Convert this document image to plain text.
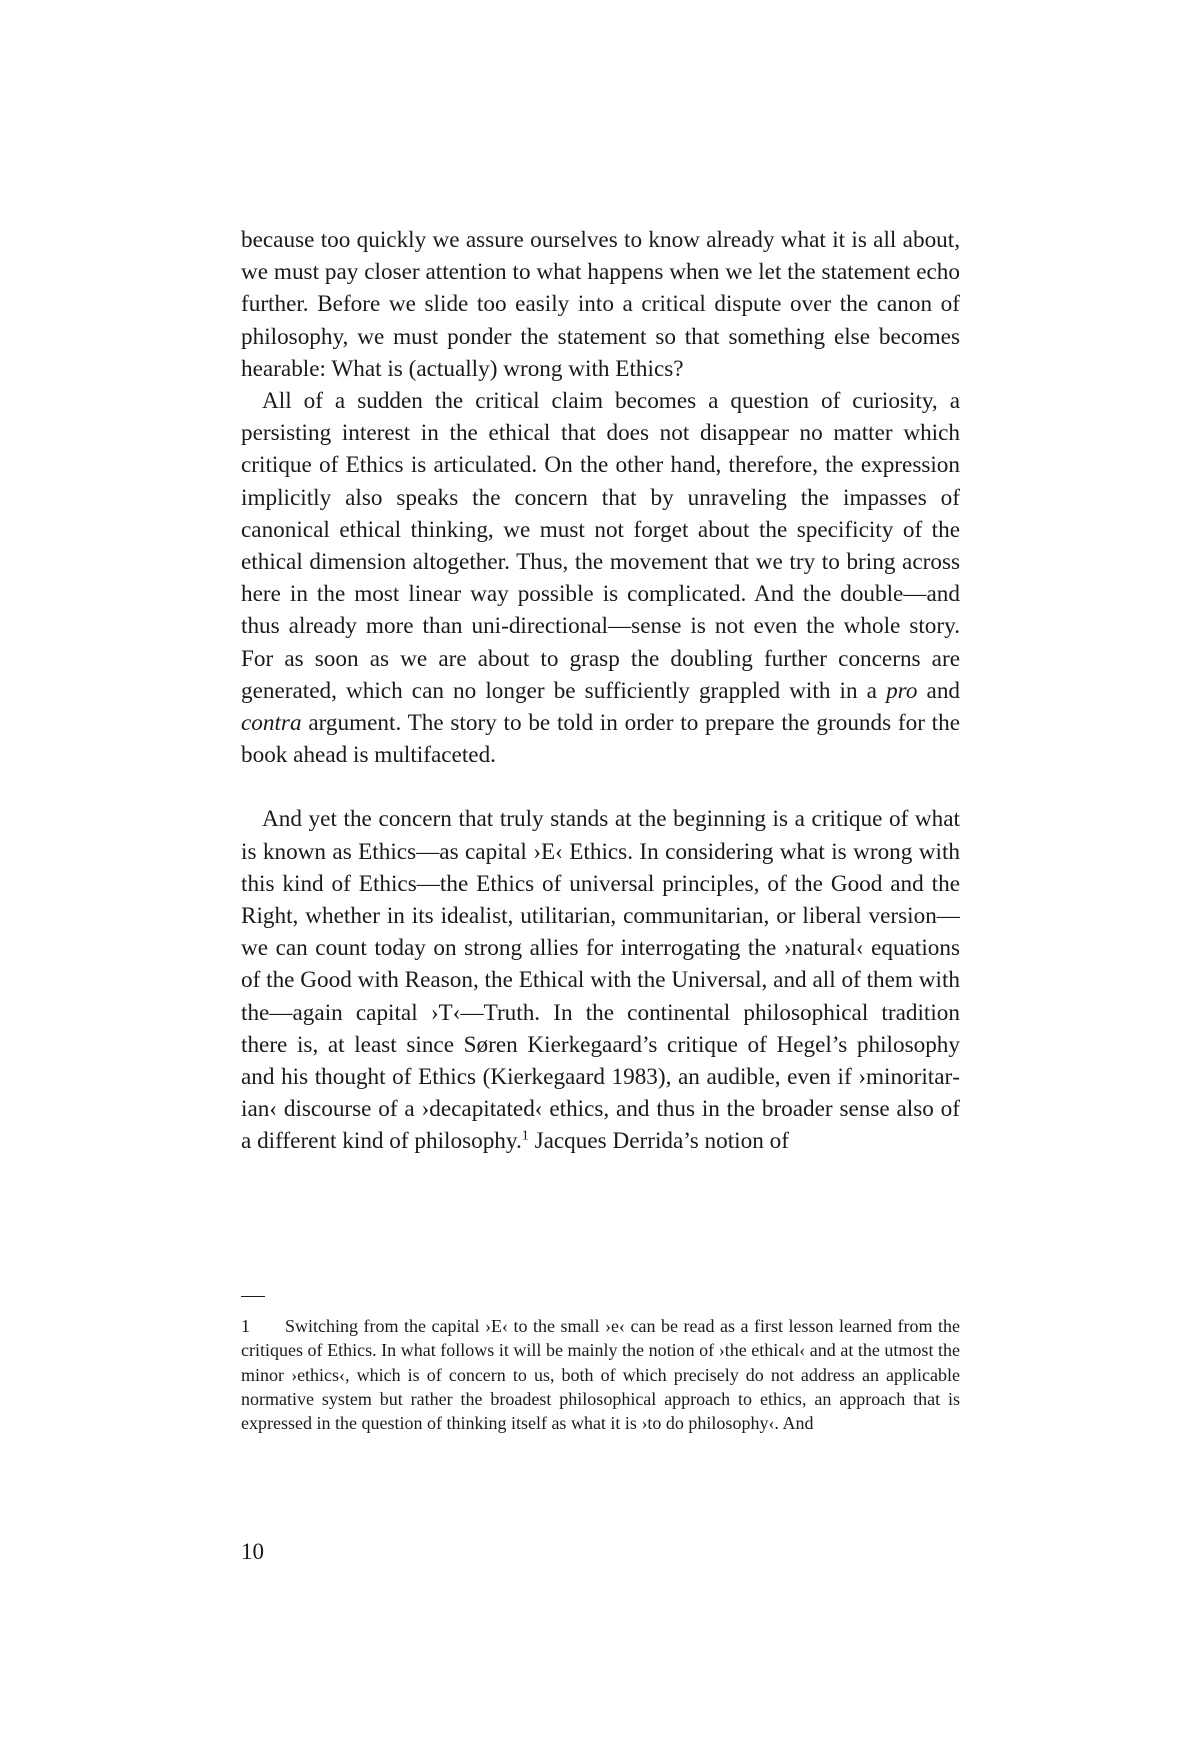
because too quickly we assure ourselves to know already what it is all about, we must pay closer attention to what happens when we let the statement echo further. Before we slide too easily into a critical dispute over the canon of philosophy, we must ponder the statement so that something else becomes hearable: What is (actually) wrong with Ethics?

All of a sudden the critical claim becomes a question of curiosity, a persisting interest in the ethical that does not disappear no matter which critique of Ethics is articulated. On the other hand, therefore, the expression implicitly also speaks the concern that by unraveling the impasses of canonical ethical thinking, we must not forget about the specificity of the ethical dimension altogether. Thus, the movement that we try to bring across here in the most linear way possible is complicated. And the double—and thus already more than uni-directional—sense is not even the whole story. For as soon as we are about to grasp the doubling further concerns are generated, which can no longer be sufficiently grappled with in a pro and contra argument. The story to be told in order to prepare the grounds for the book ahead is multifaceted.

And yet the concern that truly stands at the beginning is a critique of what is known as Ethics—as capital ›E‹ Ethics. In considering what is wrong with this kind of Ethics—the Ethics of universal principles, of the Good and the Right, whether in its idealist, utilitarian, communitarian, or liberal version—we can count today on strong allies for interrogating the ›natural‹ equations of the Good with Reason, the Ethical with the Universal, and all of them with the—again capital ›T‹—Truth. In the continental philosophical tradition there is, at least since Søren Kierkegaard’s critique of Hegel’s philosophy and his thought of Ethics (Kierkegaard 1983), an audible, even if ›minoritarian‹ discourse of a ›decapitated‹ ethics, and thus in the broader sense also of a different kind of philosophy.$^1$ Jacques Derrida’s notion of

1 Switching from the capital ›E‹ to the small ›e‹ can be read as a first lesson learned from the critiques of Ethics. In what follows it will be mainly the notion of ›the ethical‹ and at the utmost the minor ›ethics‹, which is of concern to us, both of which precisely do not address an applicable normative system but rather the broadest philosophical approach to ethics, an approach that is expressed in the question of thinking itself as what it is ›to do philosophy‹. And

10
